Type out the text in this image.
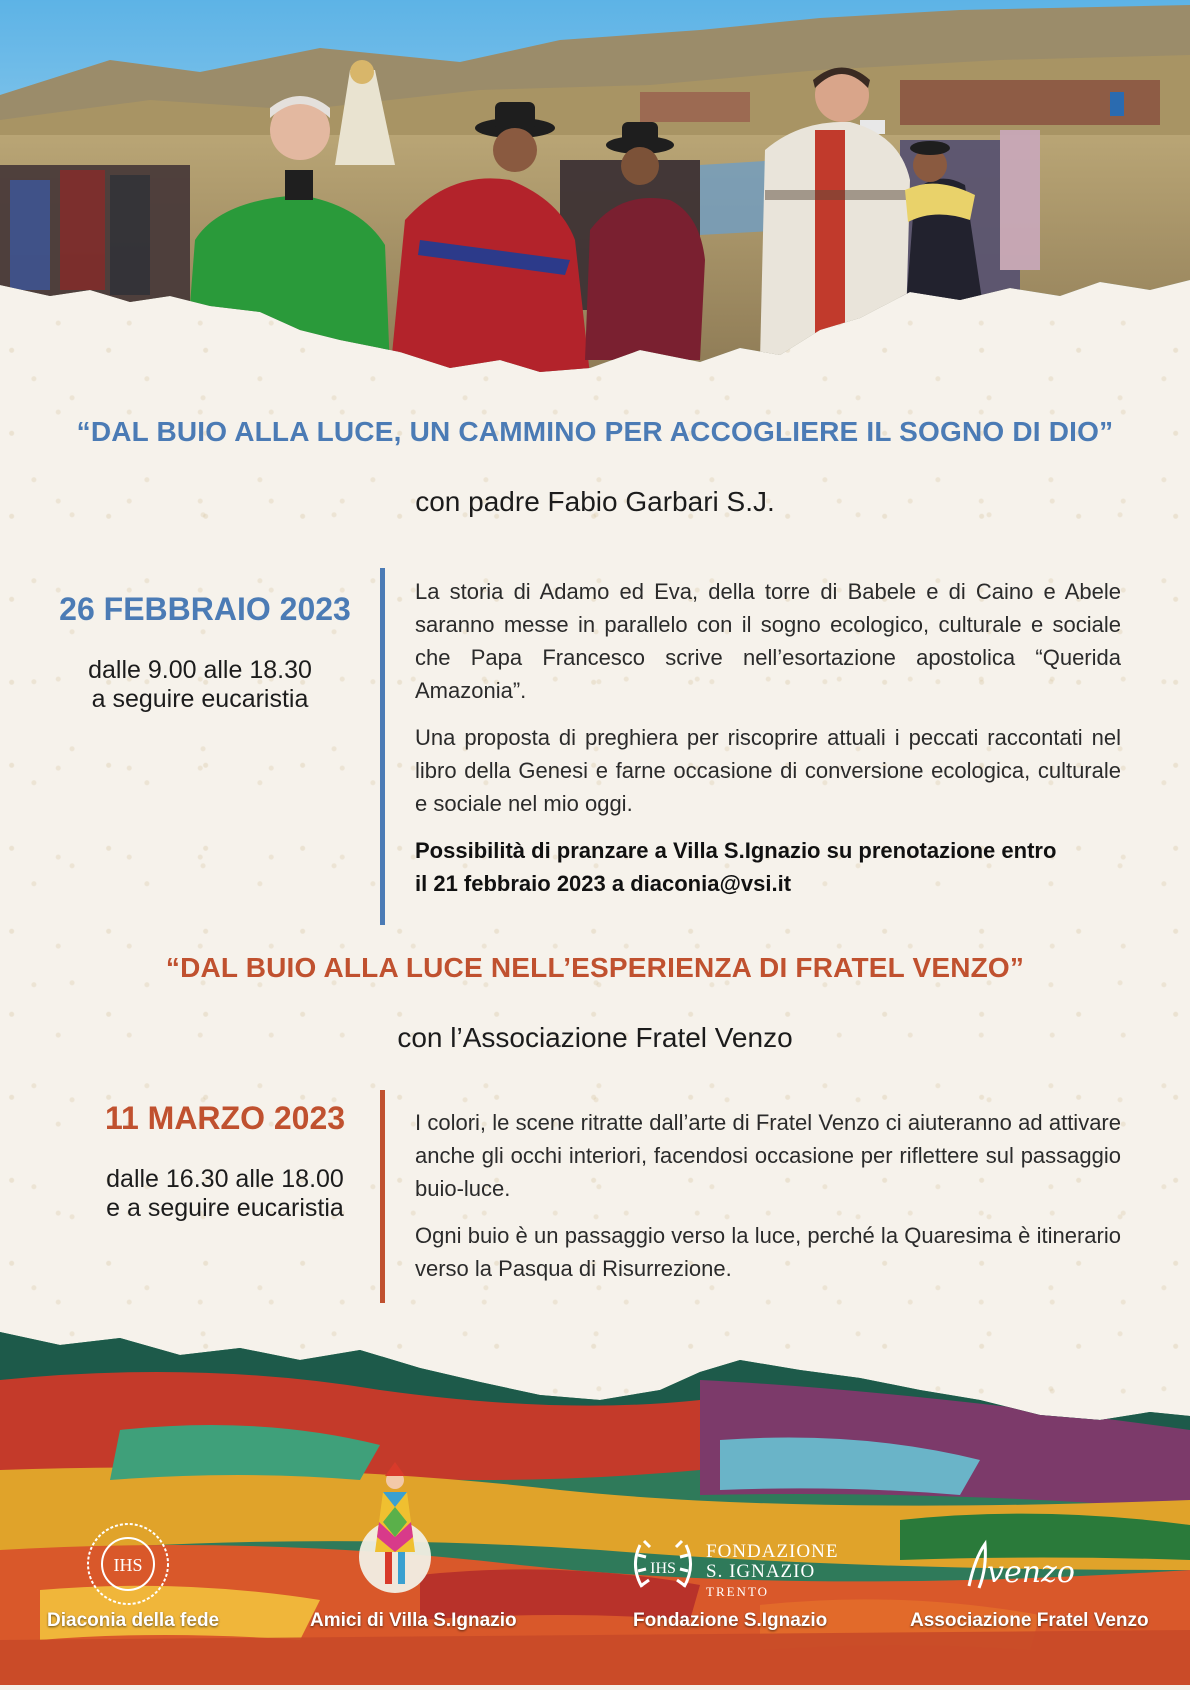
“DAL BUIO ALLA LUCE, UN CAMMINO PER ACCOGLIERE IL SOGNO DI DIO”
con padre Fabio Garbari S.J.
26 FEBBRAIO 2023
dalle 9.00 alle 18.30
a seguire eucaristia

La storia di Adamo ed Eva, della torre di Babele e di Caino e Abele saranno messe in parallelo con il sogno ecologico, culturale e sociale che Papa Francesco scrive nell’esortazione apostolica “Querida Amazonia”.

Una proposta di preghiera per riscoprire attuali i peccati raccontati nel libro della Genesi e farne occasione di conversione ecologica, culturale e sociale nel mio oggi.

Possibilità di pranzare a Villa S.Ignazio su prenotazione entro
il 21 febbraio 2023 a diaconia@vsi.it
“DAL BUIO ALLA LUCE NELL’ESPERIENZA DI FRATEL VENZO”
con l’Associazione Fratel Venzo
11 MARZO 2023
dalle 16.30 alle 18.00
e a seguire eucaristia

I colori, le scene ritratte dall’arte di Fratel Venzo ci aiuteranno ad attivare anche gli occhi interiori, facendosi occasione per riflettere sul passaggio buio-luce.

Ogni buio è un passaggio verso la luce, perché la Quaresima è itinerario verso la Pasqua di Risurrezione.

IHS
Diaconia della fede	Amici di Villa S.Ignazio
IHS
FONDAZIONE
S. IGNAZIO
TRENTO
Fondazione S.Ignazio
venzo
Associazione Fratel Venzo
